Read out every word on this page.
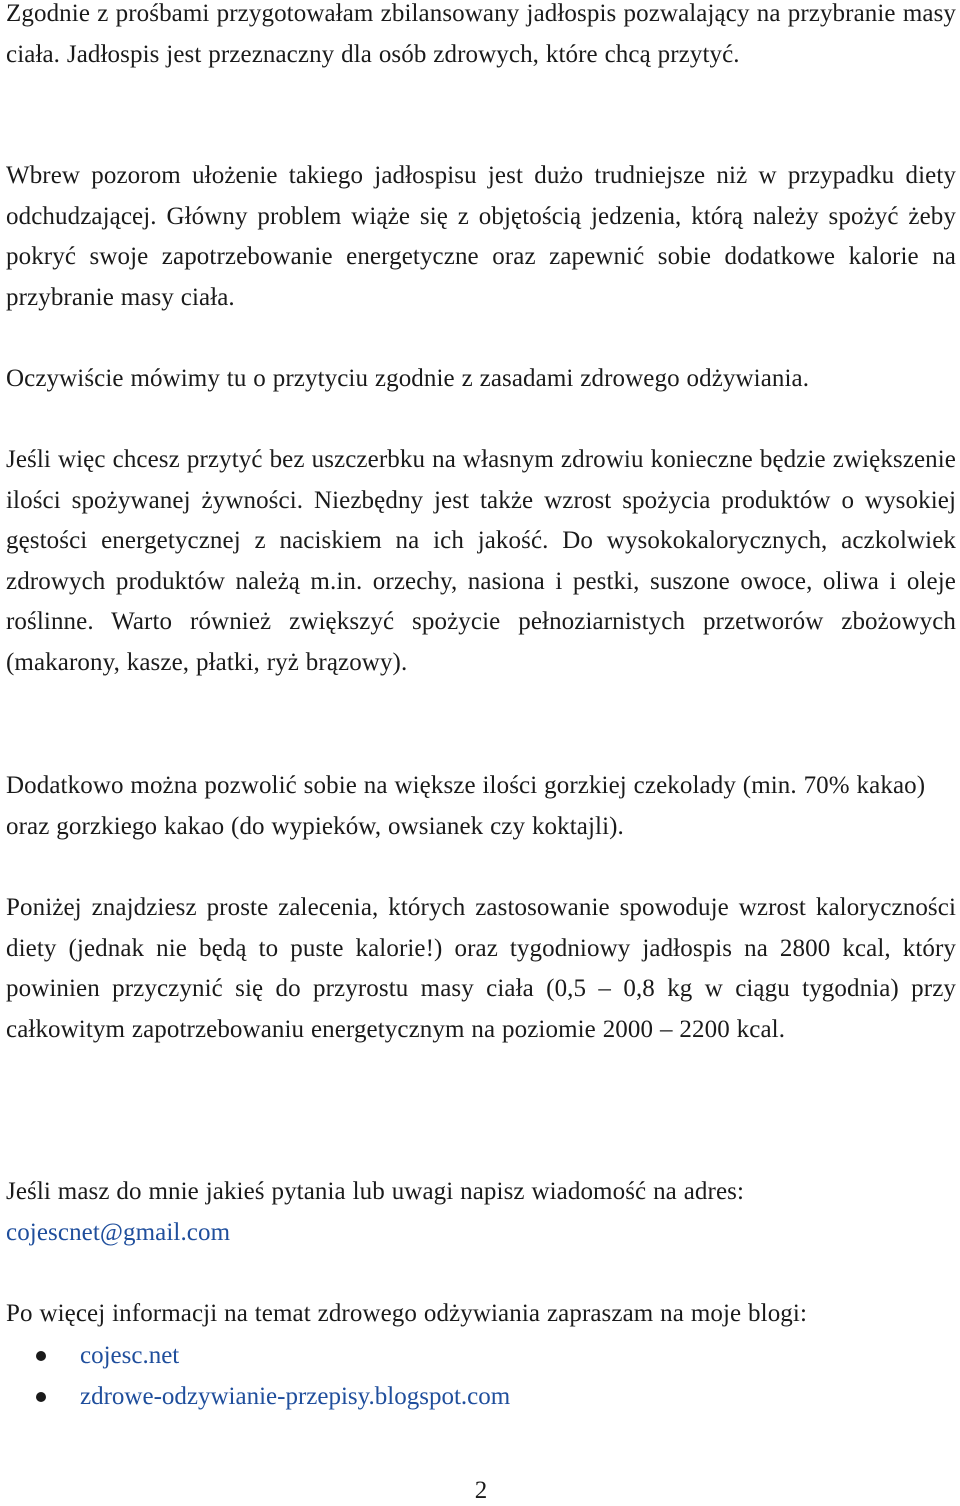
Zgodnie z prośbami przygotowałam zbilansowany jadłospis pozwalający na przybranie masy ciała. Jadłospis jest przeznaczny dla osób zdrowych, które chcą przytyć.

Wbrew pozorom ułożenie takiego jadłospisu jest dużo trudniejsze niż w przypadku diety odchudzającej. Główny problem wiąże się z objętością jedzenia, którą należy spożyć żeby pokryć swoje zapotrzebowanie energetyczne oraz zapewnić sobie dodatkowe kalorie na przybranie masy ciała.

Oczywiście mówimy tu o przytyciu zgodnie z zasadami zdrowego odżywiania.

Jeśli więc chcesz przytyć bez uszczerbku na własnym zdrowiu konieczne będzie zwiększenie ilości spożywanej żywności. Niezbędny jest także wzrost spożycia produktów o wysokiej gęstości energetycznej z naciskiem na ich jakość. Do wysokokalorycznych, aczkolwiek zdrowych produktów należą m.in. orzechy, nasiona i pestki, suszone owoce, oliwa i oleje roślinne. Warto również zwiększyć spożycie pełnoziarnistych przetworów zbożowych (makarony, kasze, płatki, ryż brązowy).

Dodatkowo można pozwolić sobie na większe ilości gorzkiej czekolady (min. 70% kakao) oraz gorzkiego kakao (do wypieków, owsianek czy koktajli).

Poniżej znajdziesz proste zalecenia, których zastosowanie spowoduje wzrost kaloryczności diety (jednak nie będą to puste kalorie!) oraz tygodniowy jadłospis na 2800 kcal, który powinien przyczynić się do przyrostu masy ciała (0,5 – 0,8 kg w ciągu tygodnia) przy całkowitym zapotrzebowaniu energetycznym na poziomie 2000 – 2200 kcal.

Jeśli masz do mnie jakieś pytania lub uwagi napisz wiadomość na adres:
cojescnet@gmail.com

Po więcej informacji na temat zdrowego odżywiania zapraszam na moje blogi:

cojesc.net
zdrowe-odzywianie-przepisy.blogspot.com
2
